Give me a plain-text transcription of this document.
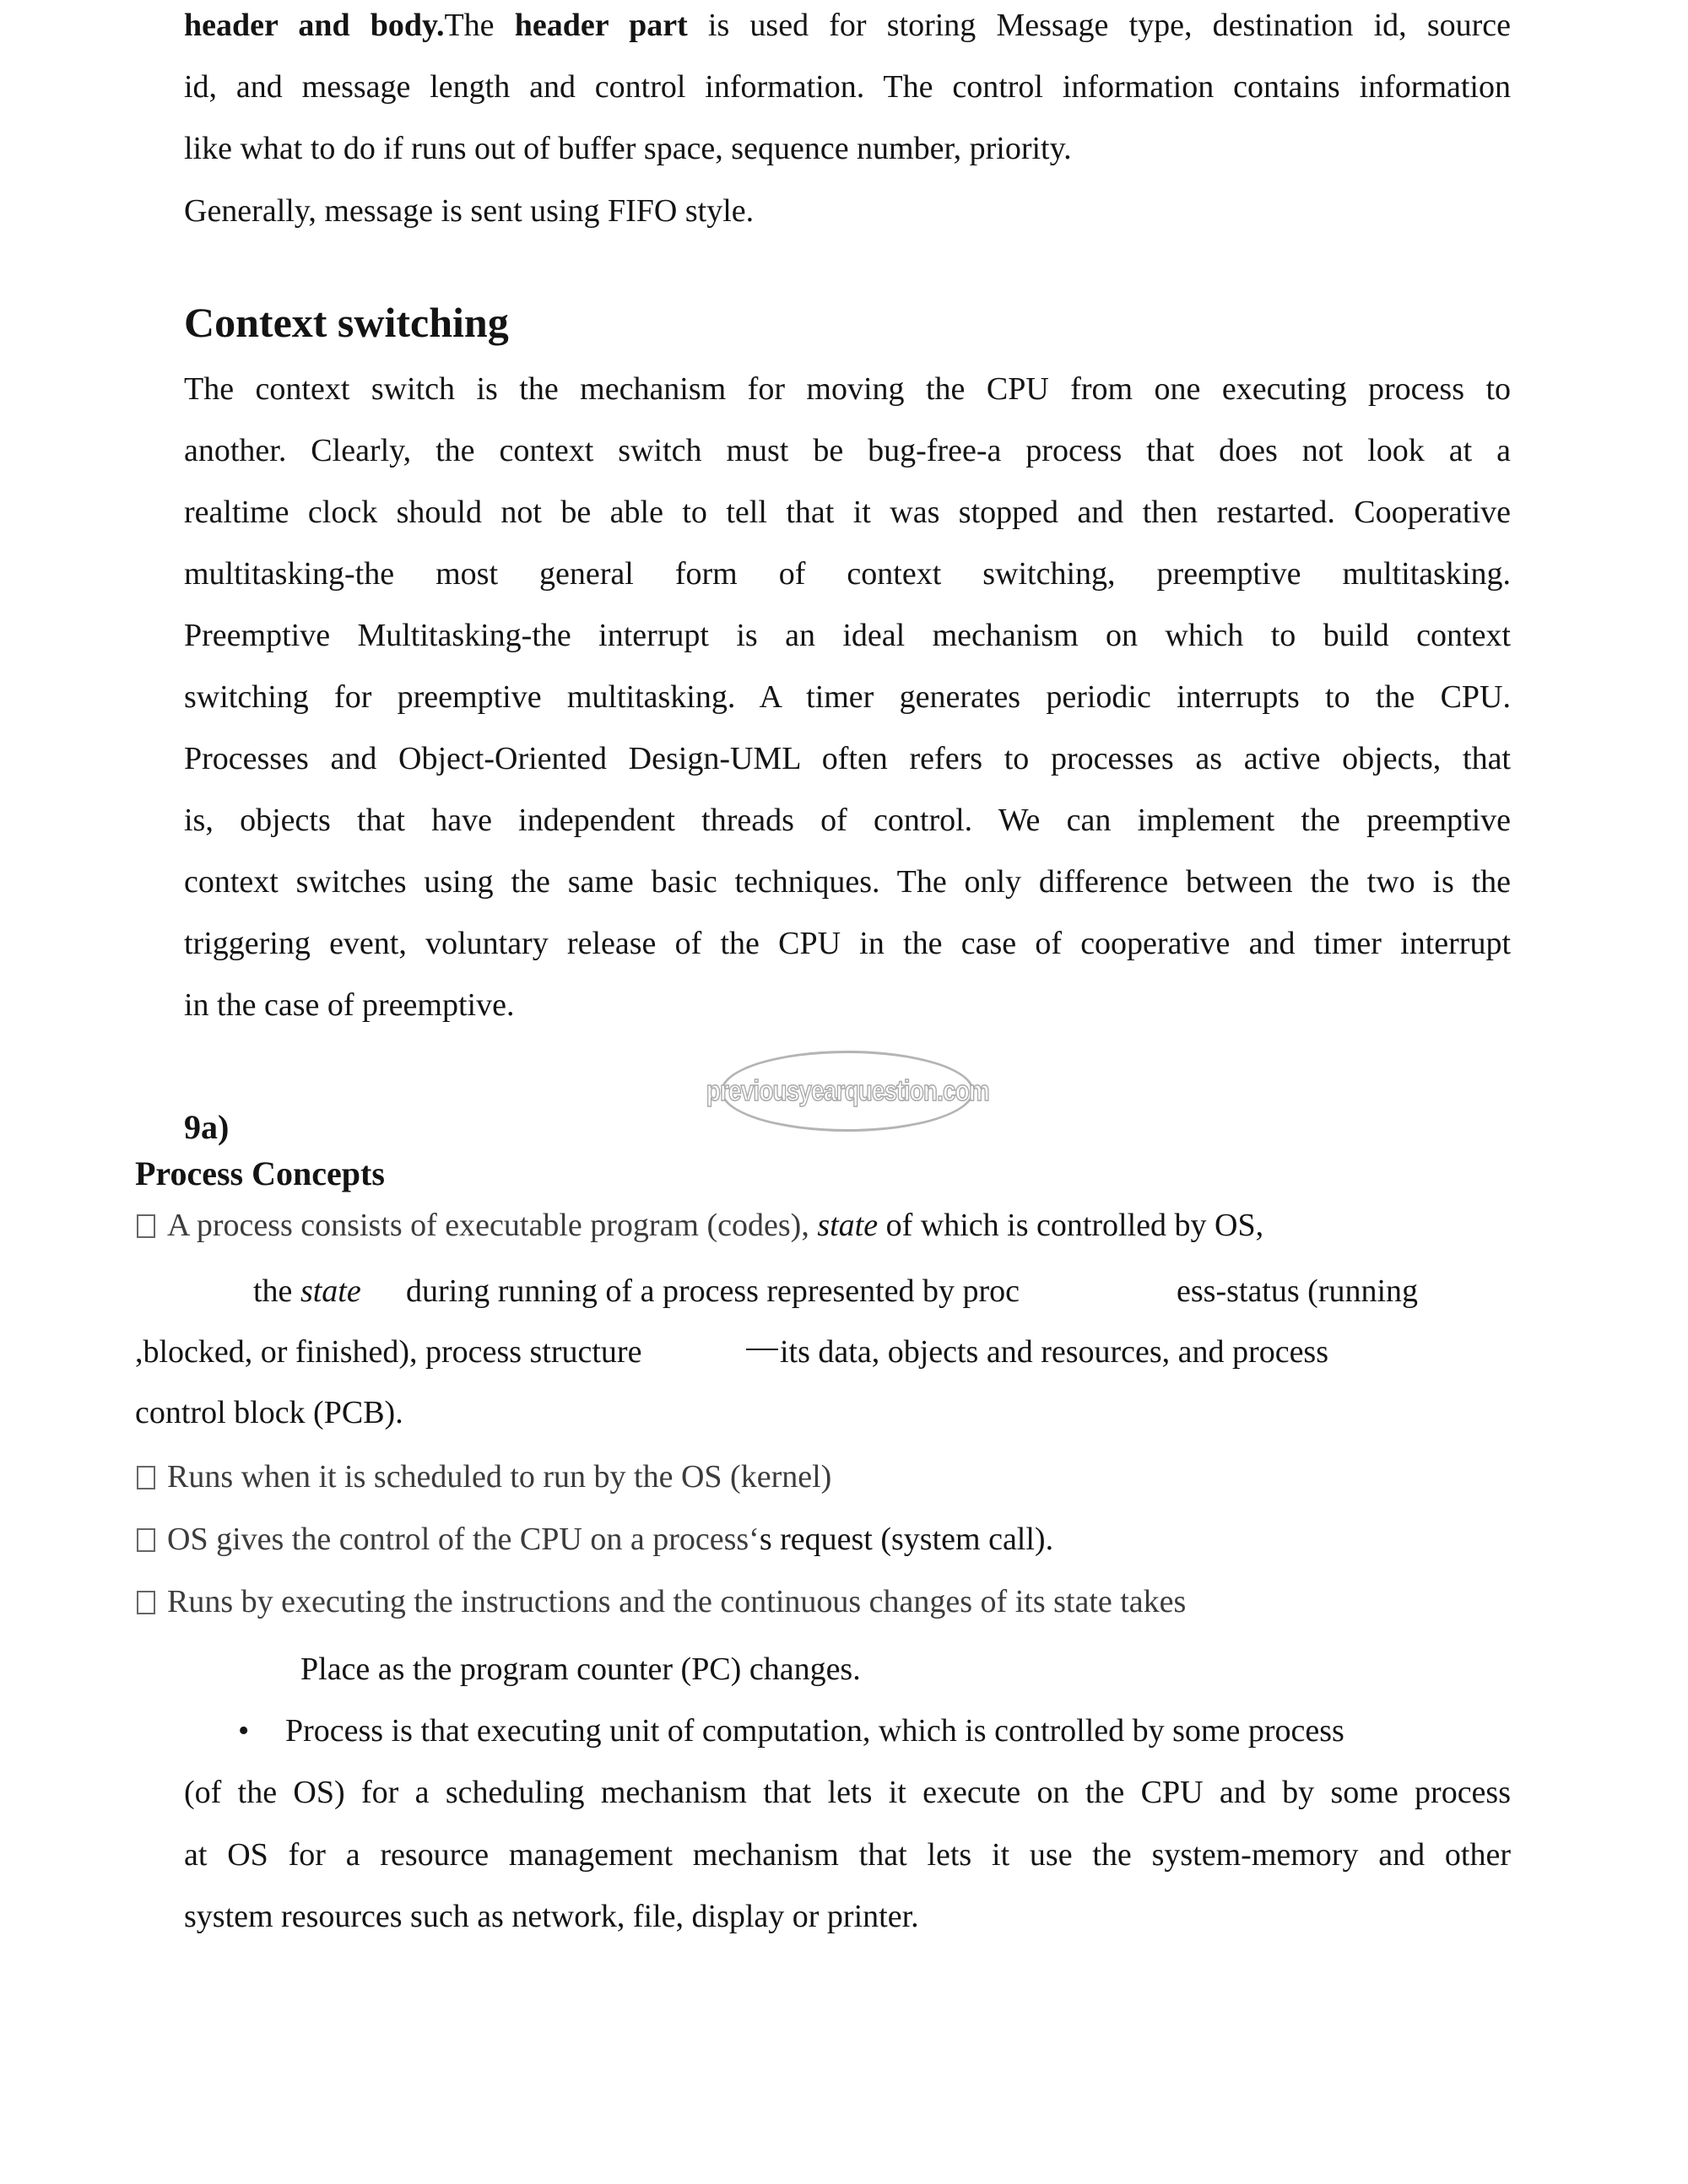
header and body.The header part is used for storing Message type, destination id, source
id, and message length and control information. The control information contains information
like what to do if runs out of buffer space, sequence number, priority.
Generally, message is sent using FIFO style.
Context switching
The context switch is the mechanism for moving the CPU from one executing process to
another. Clearly, the context switch must be bug-free-a process that does not look at a
realtime clock should not be able to tell that it was stopped and then restarted. Cooperative
multitasking-the most general form of context switching, preemptive multitasking.
Preemptive Multitasking-the interrupt is an ideal mechanism on which to build context
switching for preemptive multitasking. A timer generates periodic interrupts to the CPU.
Processes and Object-Oriented Design-UML often refers to processes as active objects, that
is, objects that have independent threads of control. We can implement the preemptive
context switches using the same basic techniques. The only difference between the two is the
triggering event, voluntary release of the CPU in the case of cooperative and timer interrupt
in the case of preemptive.
previousyearquestion.com
9a)
Process Concepts
A process consists of executable program (codes), state of which is controlled by OS,
the state during running of a process represented by proc	ess-status (running
,blocked, or finished), process structure	its data, objects and resources, and process
control block (PCB).
Runs when it is scheduled to run by the OS (kernel)
OS gives the control of the CPU on a process‘s request (system call).
Runs by executing the instructions and the continuous changes of its state takes
Place as the program counter (PC) changes.
• Process is that executing unit of computation, which is controlled by some process
(of the OS) for a scheduling mechanism that lets it execute on the CPU and by some process
at OS for a resource management mechanism that lets it use the system-memory and other
system resources such as network, file, display or printer.
